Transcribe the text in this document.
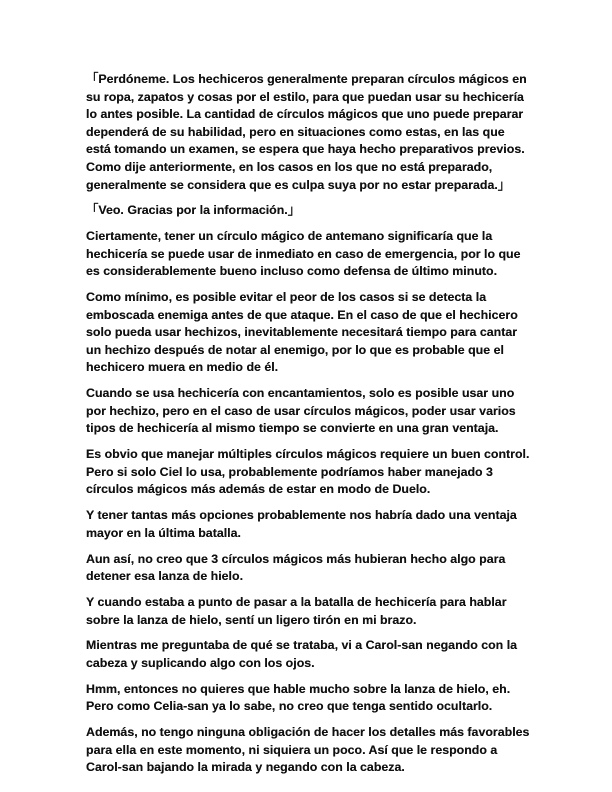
「Perdóneme. Los hechiceros generalmente preparan círculos mágicos en su ropa, zapatos y cosas por el estilo, para que puedan usar su hechicería lo antes posible. La cantidad de círculos mágicos que uno puede preparar dependerá de su habilidad, pero en situaciones como estas, en las que está tomando un examen, se espera que haya hecho preparativos previos. Como dije anteriormente, en los casos en los que no está preparado, generalmente se considera que es culpa suya por no estar preparada.」

「Veo. Gracias por la información.」

Ciertamente, tener un círculo mágico de antemano significaría que la hechicería se puede usar de inmediato en caso de emergencia, por lo que es considerablemente bueno incluso como defensa de último minuto.

Como mínimo, es posible evitar el peor de los casos si se detecta la emboscada enemiga antes de que ataque. En el caso de que el hechicero solo pueda usar hechizos, inevitablemente necesitará tiempo para cantar un hechizo después de notar al enemigo, por lo que es probable que el hechicero muera en medio de él.

Cuando se usa hechicería con encantamientos, solo es posible usar uno por hechizo, pero en el caso de usar círculos mágicos, poder usar varios tipos de hechicería al mismo tiempo se convierte en una gran ventaja.

Es obvio que manejar múltiples círculos mágicos requiere un buen control. Pero si solo Ciel lo usa, probablemente podríamos haber manejado 3 círculos mágicos más además de estar en modo de Duelo.

Y tener tantas más opciones probablemente nos habría dado una ventaja mayor en la última batalla.

Aun así, no creo que 3 círculos mágicos más hubieran hecho algo para detener esa lanza de hielo.

Y cuando estaba a punto de pasar a la batalla de hechicería para hablar sobre la lanza de hielo, sentí un ligero tirón en mi brazo.

Mientras me preguntaba de qué se trataba, vi a Carol-san negando con la cabeza y suplicando algo con los ojos.

Hmm, entonces no quieres que hable mucho sobre la lanza de hielo, eh. Pero como Celia-san ya lo sabe, no creo que tenga sentido ocultarlo.

Además, no tengo ninguna obligación de hacer los detalles más favorables para ella en este momento, ni siquiera un poco. Así que le respondo a Carol-san bajando la mirada y negando con la cabeza.
